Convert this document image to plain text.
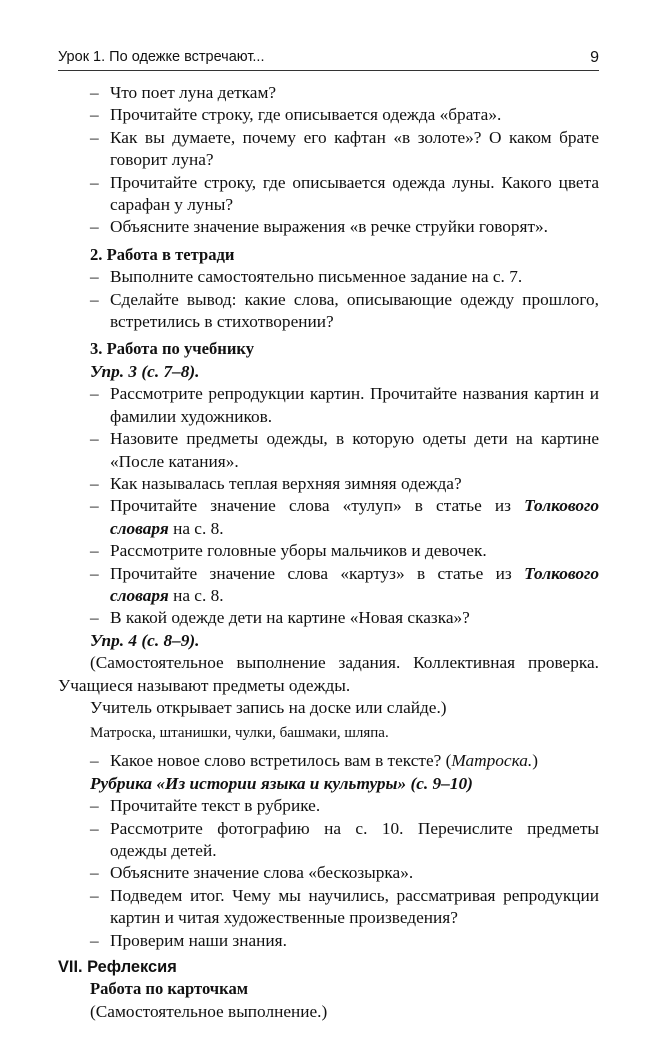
Урок 1. По одежке встречают...	9
– Что поет луна деткам?
– Прочитайте строку, где описывается одежда «брата».
– Как вы думаете, почему его кафтан «в золоте»? О каком брате говорит луна?
– Прочитайте строку, где описывается одежда луны. Какого цвета сарафан у луны?
– Объясните значение выражения «в речке струйки говорят».
2. Работа в тетради
– Выполните самостоятельно письменное задание на с. 7.
– Сделайте вывод: какие слова, описывающие одежду прошлого, встретились в стихотворении?
3. Работа по учебнику
Упр. 3 (с. 7–8).
– Рассмотрите репродукции картин. Прочитайте названия картин и фамилии художников.
– Назовите предметы одежды, в которую одеты дети на картине «После катания».
– Как называлась теплая верхняя зимняя одежда?
– Прочитайте значение слова «тулуп» в статье из Толкового словаря на с. 8.
– Рассмотрите головные уборы мальчиков и девочек.
– Прочитайте значение слова «картуз» в статье из Толкового словаря на с. 8.
– В какой одежде дети на картине «Новая сказка»?
Упр. 4 (с. 8–9).
(Самостоятельное выполнение задания. Коллективная проверка. Учащиеся называют предметы одежды.
Учитель открывает запись на доске или слайде.)
Матроска, штанишки, чулки, башмаки, шляпа.
– Какое новое слово встретилось вам в тексте? (Матроска.)
Рубрика «Из истории языка и культуры» (с. 9–10)
– Прочитайте текст в рубрике.
– Рассмотрите фотографию на с. 10. Перечислите предметы одежды детей.
– Объясните значение слова «бескозырка».
– Подведем итог. Чему мы научились, рассматривая репродукции картин и читая художественные произведения?
– Проверим наши знания.
VII. Рефлексия
Работа по карточкам
(Самостоятельное выполнение.)
